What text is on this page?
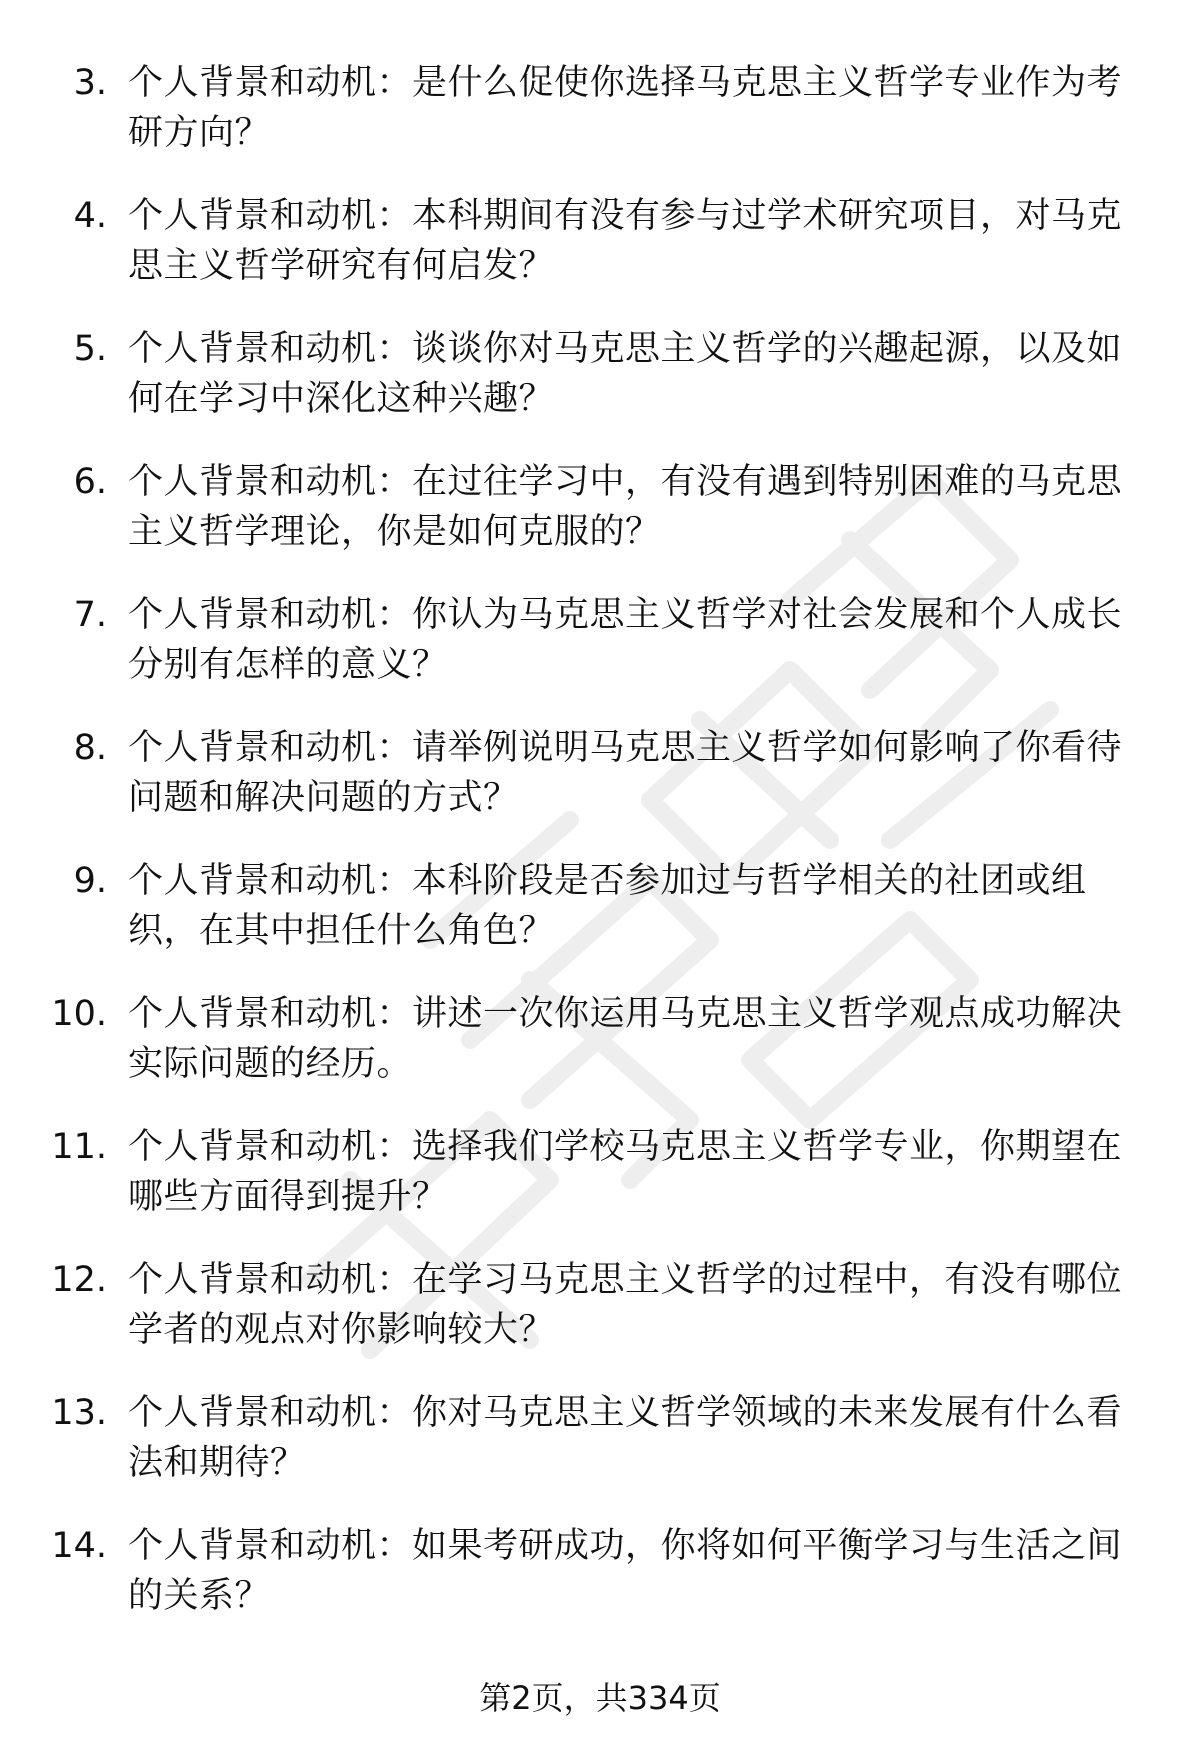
3. 个人背景和动机：是什么促使你选择马克思主义哲学专业作为考研方向？
4. 个人背景和动机：本科期间有没有参与过学术研究项目，对马克思主义哲学研究有何启发？
5. 个人背景和动机：谈谈你对马克思主义哲学的兴趣起源，以及如何在学习中深化这种兴趣？
6. 个人背景和动机：在过往学习中，有没有遇到特别困难的马克思主义哲学理论，你是如何克服的？
7. 个人背景和动机：你认为马克思主义哲学对社会发展和个人成长分别有怎样的意义？
8. 个人背景和动机：请举例说明马克思主义哲学如何影响了你看待问题和解决问题的方式？
9. 个人背景和动机：本科阶段是否参加过与哲学相关的社团或组织，在其中担任什么角色？
10. 个人背景和动机：讲述一次你运用马克思主义哲学观点成功解决实际问题的经历。
11. 个人背景和动机：选择我们学校马克思主义哲学专业，你期望在哪些方面得到提升？
12. 个人背景和动机：在学习马克思主义哲学的过程中，有没有哪位学者的观点对你影响较大？
13. 个人背景和动机：你对马克思主义哲学领域的未来发展有什么看法和期待？
14. 个人背景和动机：如果考研成功，你将如何平衡学习与生活之间的关系？
第2页，共334页
